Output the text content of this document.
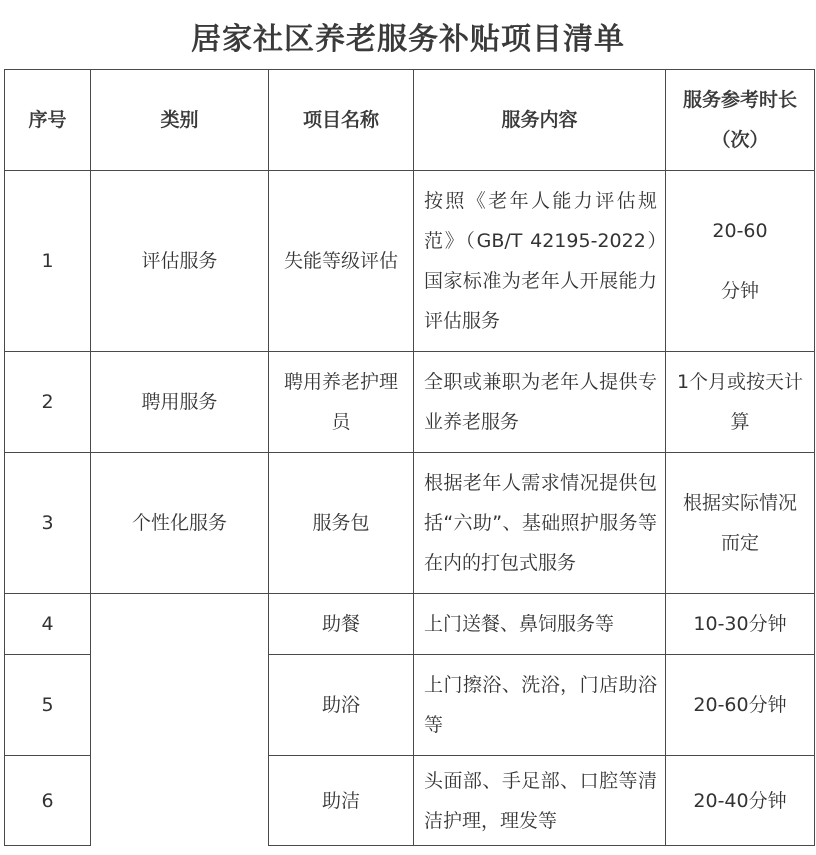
居家社区养老服务补贴项目清单
序号	类别	项目名称	服务内容	服务参考时长
（次）

1	评估服务	失能等级评估	按照《老年人能力评估规范》（GB/T 42195-2022）国家标准为老年人开展能力评估服务	20-60
分钟

2	聘用服务	聘用养老护理员	全职或兼职为老年人提供专业养老服务	1个月或按天计算
3	个性化服务	服务包	根据老年人需求情况提供包括“六助”、基础照护服务等在内的打包式服务	根据实际情况而定
4		助餐	上门送餐、鼻饲服务等	10-30分钟
5		助浴	上门擦浴、洗浴，门店助浴等	20-60分钟
6		助洁	头面部、手足部、口腔等清洁护理，理发等	20-40分钟
